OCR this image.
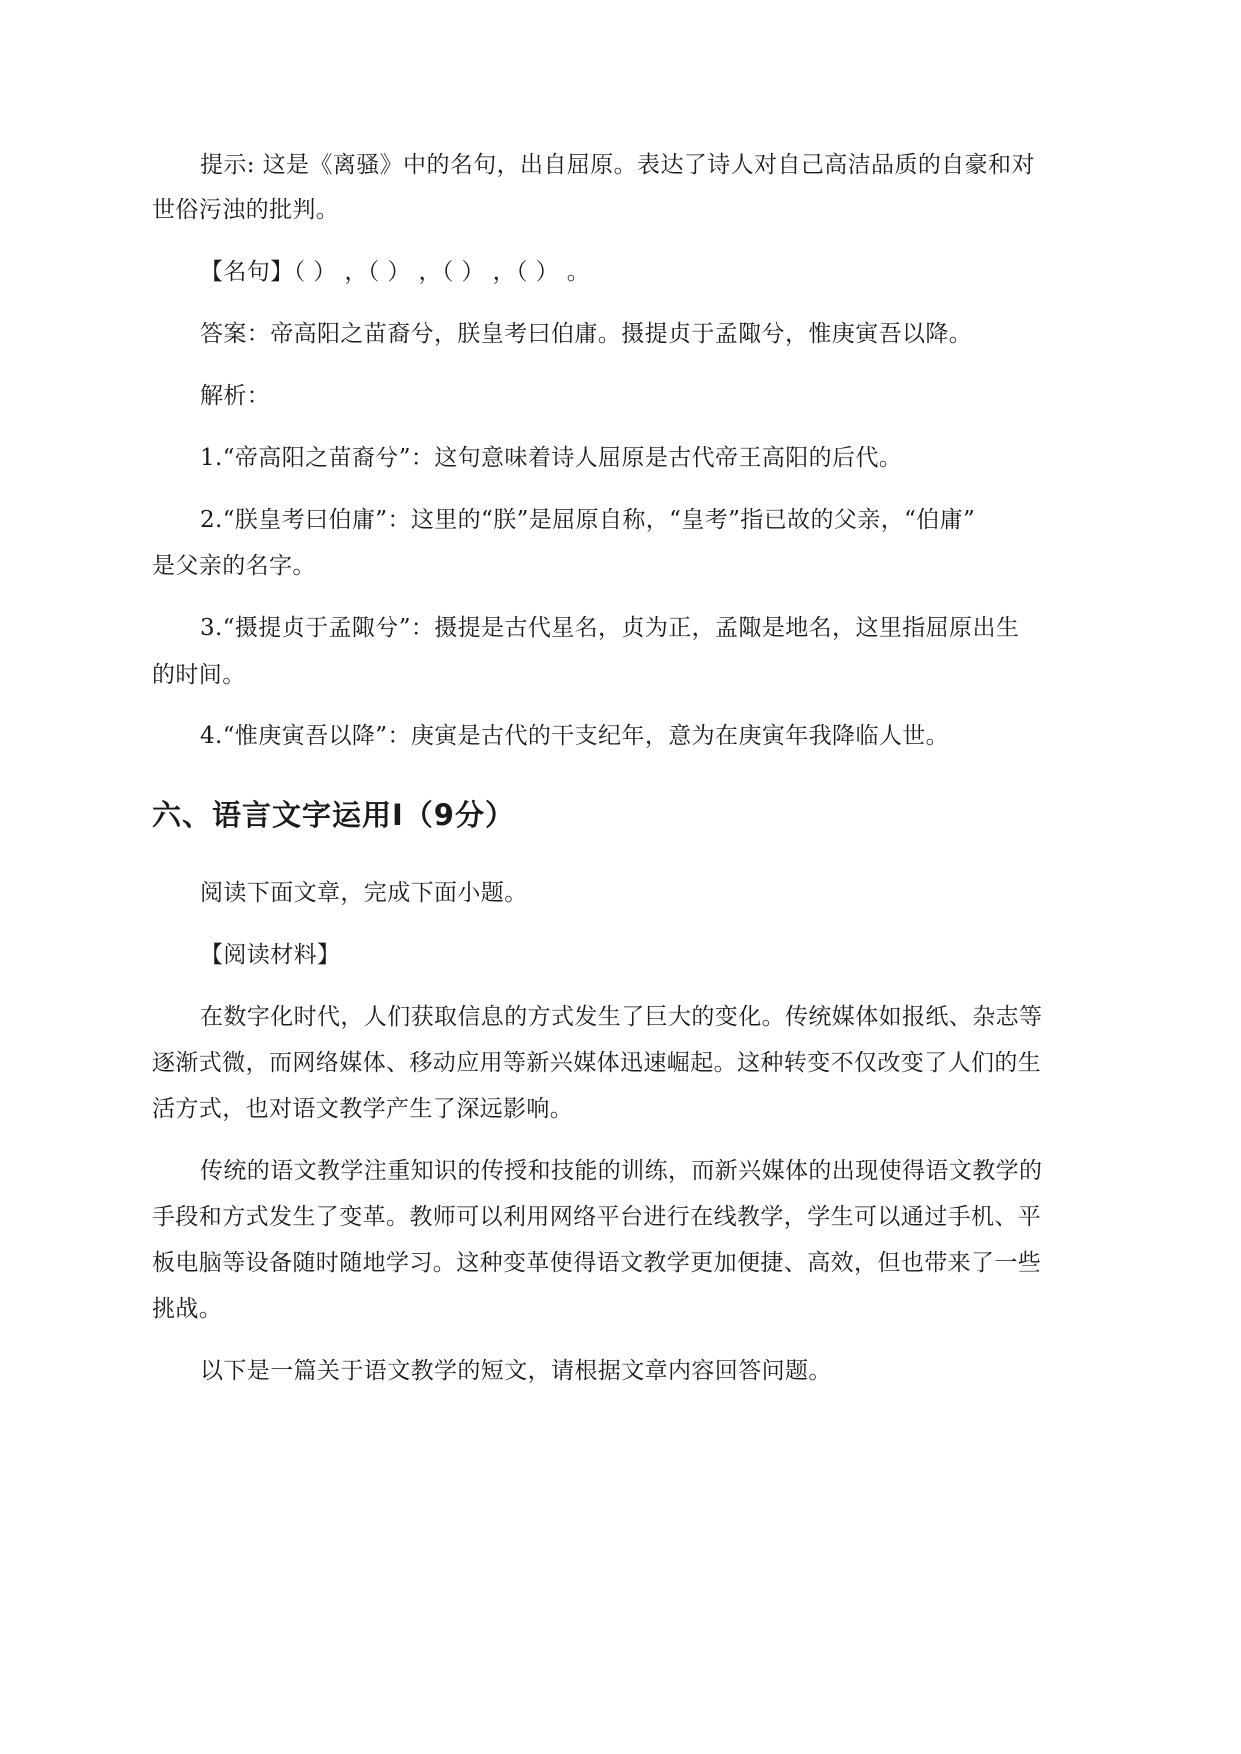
提示: 这是《离骚》中的名句，出自屈原。表达了诗人对自己高洁品质的自豪和对
世俗污浊的批判。
【名句】（ ） ，（ ） ，（ ） ，（ ） 。
答案：帝高阳之苗裔兮，朕皇考曰伯庸。摄提贞于孟陬兮，惟庚寅吾以降。
解析：
1.“帝高阳之苗裔兮”：这句意味着诗人屈原是古代帝王高阳的后代。
2.“朕皇考曰伯庸”：这里的“朕”是屈原自称，“皇考”指已故的父亲，“伯庸”
是父亲的名字。
3.“摄提贞于孟陬兮”：摄提是古代星名，贞为正，孟陬是地名，这里指屈原出生
的时间。
4.“惟庚寅吾以降”：庚寅是古代的干支纪年，意为在庚寅年我降临人世。
六、语言文字运用Ⅰ（9分）
阅读下面文章，完成下面小题。
【阅读材料】
在数字化时代，人们获取信息的方式发生了巨大的变化。传统媒体如报纸、杂志等
逐渐式微，而网络媒体、移动应用等新兴媒体迅速崛起。这种转变不仅改变了人们的生
活方式，也对语文教学产生了深远影响。
传统的语文教学注重知识的传授和技能的训练，而新兴媒体的出现使得语文教学的
手段和方式发生了变革。教师可以利用网络平台进行在线教学，学生可以通过手机、平
板电脑等设备随时随地学习。这种变革使得语文教学更加便捷、高效，但也带来了一些
挑战。
以下是一篇关于语文教学的短文，请根据文章内容回答问题。
